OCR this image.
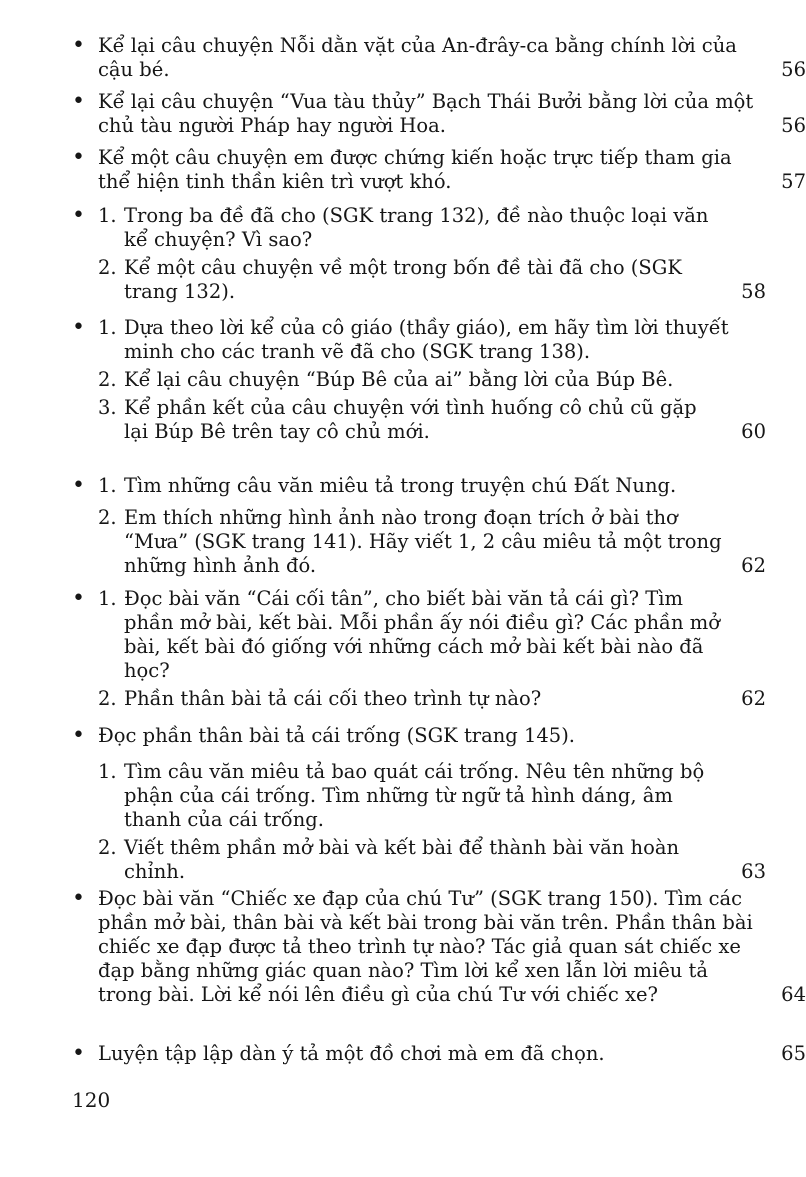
• Kể lại câu chuyện Nỗi dằn vặt của An-đrây-ca bằng chính lời của cậu bé.	56
• Kể lại câu chuyện “Vua tàu thủy” Bạch Thái Bưởi bằng lời của một chủ tàu người Pháp hay người Hoa.	56
• Kể một câu chuyện em được chứng kiến hoặc trực tiếp tham gia thể hiện tinh thần kiên trì vượt khó.	57
• 1. Trong ba đề đã cho (SGK trang 132), đề nào thuộc loại văn kể chuyện? Vì sao?
2. Kể một câu chuyện về một trong bốn đề tài đã cho (SGK trang 132).	58
• 1. Dựa theo lời kể của cô giáo (thầy giáo), em hãy tìm lời thuyết minh cho các tranh vẽ đã cho (SGK trang 138).
2. Kể lại câu chuyện “Búp Bê của ai” bằng lời của Búp Bê.
3. Kể phần kết của câu chuyện với tình huống cô chủ cũ gặp lại Búp Bê trên tay cô chủ mới.	60
• 1. Tìm những câu văn miêu tả trong truyện chú Đất Nung.
2. Em thích những hình ảnh nào trong đoạn trích ở bài thơ “Mưa” (SGK trang 141). Hãy viết 1, 2 câu miêu tả một trong những hình ảnh đó.	62
• 1. Đọc bài văn “Cái cối tân”, cho biết bài văn tả cái gì? Tìm phần mở bài, kết bài. Mỗi phần ấy nói điều gì? Các phần mở bài, kết bài đó giống với những cách mở bài kết bài nào đã học?
2. Phần thân bài tả cái cối theo trình tự nào?	62
• Đọc phần thân bài tả cái trống (SGK trang 145).
1. Tìm câu văn miêu tả bao quát cái trống. Nêu tên những bộ phận của cái trống. Tìm những từ ngữ tả hình dáng, âm thanh của cái trống.
2. Viết thêm phần mở bài và kết bài để thành bài văn hoàn chỉnh.	63
• Đọc bài văn “Chiếc xe đạp của chú Tư” (SGK trang 150). Tìm các phần mở bài, thân bài và kết bài trong bài văn trên. Phần thân bài chiếc xe đạp được tả theo trình tự nào? Tác giả quan sát chiếc xe đạp bằng những giác quan nào? Tìm lời kể xen lẫn lời miêu tả trong bài. Lời kể nói lên điều gì của chú Tư với chiếc xe?	64
• Luyện tập lập dàn ý tả một đồ chơi mà em đã chọn.	65
120
